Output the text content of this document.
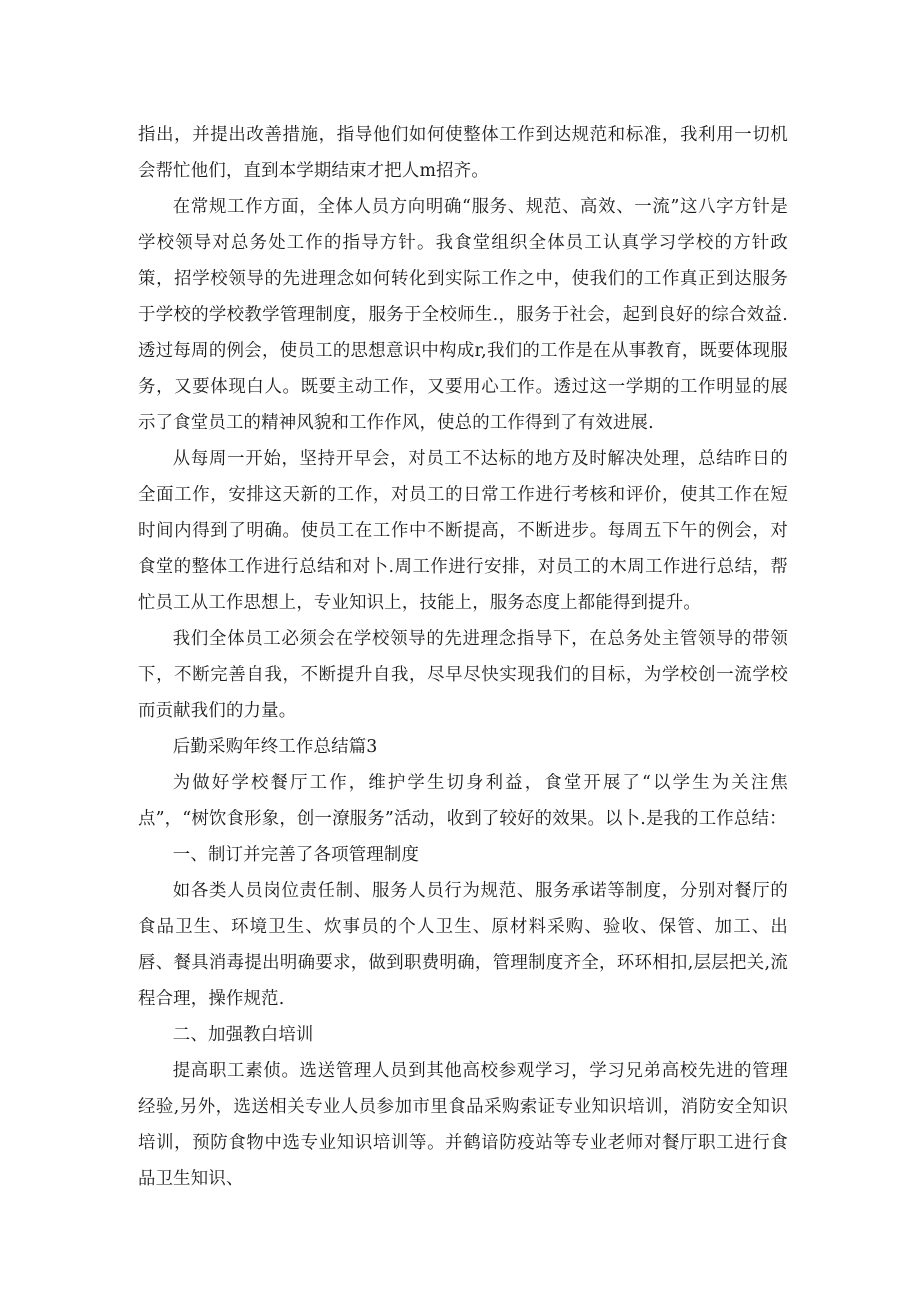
指出，并提出改善措施，指导他们如何使整体工作到达规范和标准，我利用一切机会帮忙他们，直到本学期结束才把人m招齐。

在常规工作方面，全体人员方向明确“服务、规范、高效、一流”这八字方针是学校领导对总务处工作的指导方针。我食堂组织全体员工认真学习学校的方针政策，招学校领导的先进理念如何转化到实际工作之中，使我们的工作真正到达服务于学校的学校教学管理制度，服务于全校师生.，服务于社会，起到良好的综合效益.透过每周的例会，使员工的思想意识中构成r,我们的工作是在从事教育，既要体现服务，又要体现白人。既要主动工作，又要用心工作。透过这一学期的工作明显的展示了食堂员工的精神风貌和工作作风，使总的工作得到了有效进展.

从每周一开始，坚持开早会，对员工不达标的地方及时解决处理，总结昨日的全面工作，安排这天新的工作，对员工的日常工作进行考核和评价，使其工作在短时间内得到了明确。使员工在工作中不断提高，不断进步。每周五下午的例会，对食堂的整体工作进行总结和对卜.周工作进行安排，对员工的木周工作进行总结，帮忙员工从工作思想上，专业知识上，技能上，服务态度上都能得到提升。

我们全体员工必须会在学校领导的先进理念指导下，在总务处主管领导的带领下，不断完善自我，不断提升自我，尽早尽快实现我们的目标，为学校创一流学校而贡献我们的力量。

后勤采购年终工作总结篇3

为做好学校餐厅工作，维护学生切身利益，食堂开展了“以学生为关注焦点”，“树饮食形象，创一潦服务”活动，收到了较好的效果。以卜.是我的工作总结：

一、制订并完善了各项管理制度

如各类人员岗位责任制、服务人员行为规范、服务承诺等制度，分别对餐厅的食品卫生、环境卫生、炊事员的个人卫生、原材料采购、验收、保管、加工、出唇、餐具消毒提出明确要求，做到职费明确，管理制度齐全，环环相扣,层层把关,流程合理，操作规范.

二、加强教白培训

提高职工素侦。选送管理人员到其他高校参观学习，学习兄弟高校先进的管理经验,另外，选送相关专业人员参加市里食品采购索证专业知识培训，消防安全知识培训，预防食物中选专业知识培训等。并鹤谙防疫站等专业老师对餐厅职工进行食品卫生知识、
